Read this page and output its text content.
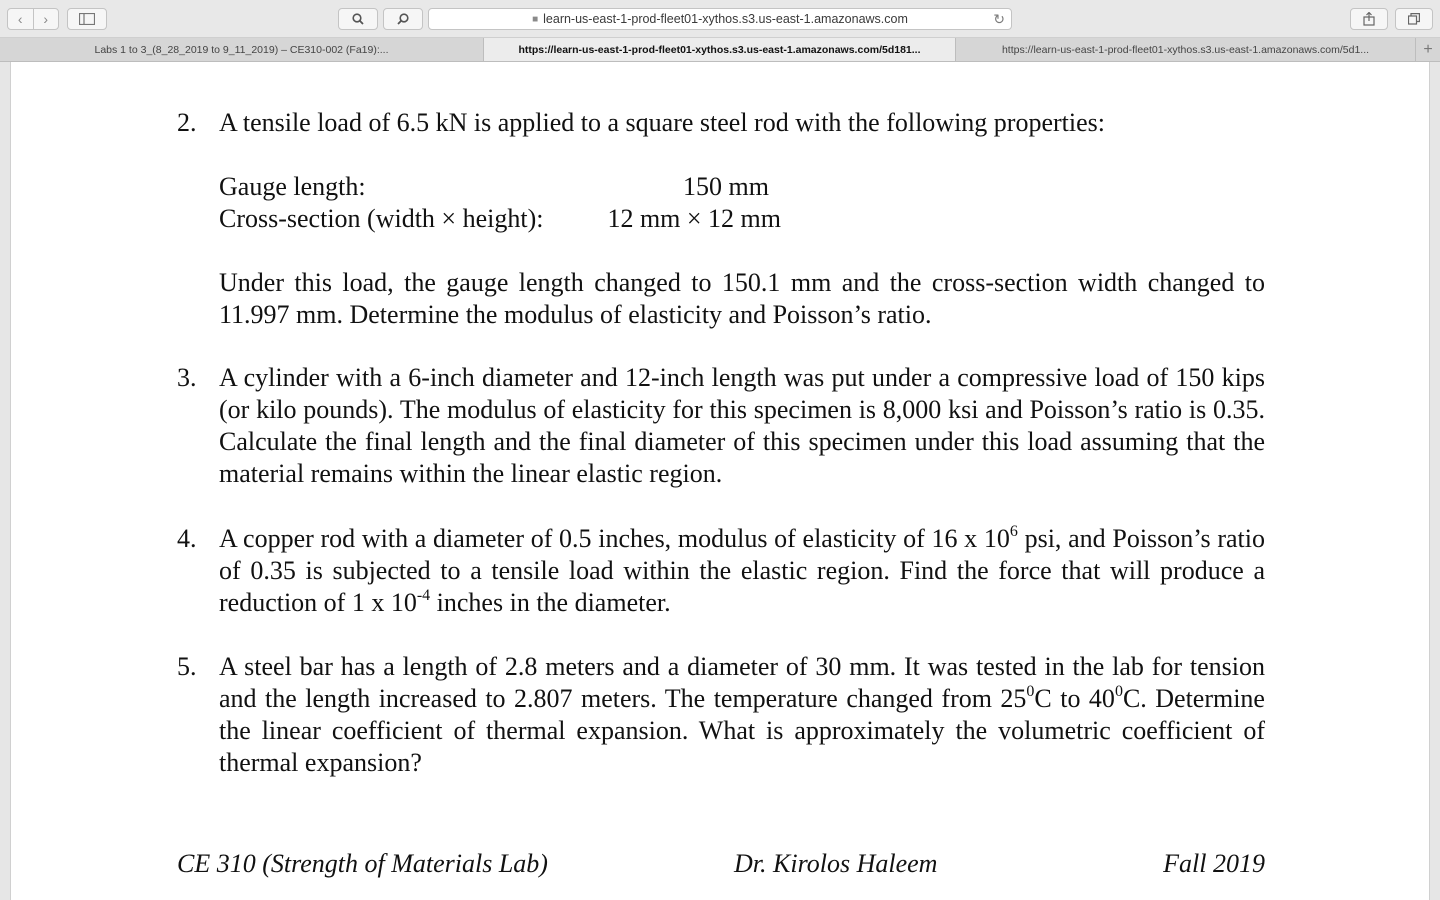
‹	›	■ learn-us-east-1-prod-fleet01-xythos.s3.us-east-1.amazonaws.com	↻
Labs 1 to 3_(8_28_2019 to 9_11_2019) – CE310-002 (Fa19):...	https://learn-us-east-1-prod-fleet01-xythos.s3.us-east-1.amazonaws.com/5d181...	https://learn-us-east-1-prod-fleet01-xythos.s3.us-east-1.amazonaws.com/5d1...	+
2. A tensile load of 6.5 kN is applied to a square steel rod with the following properties:
Gauge length:	150 mm
Cross-section (width × height):	12 mm × 12 mm
Under this load, the gauge length changed to 150.1 mm and the cross-section width changed to 11.997 mm. Determine the modulus of elasticity and Poisson’s ratio.
3. A cylinder with a 6-inch diameter and 12-inch length was put under a compressive load of 150 kips (or kilo pounds). The modulus of elasticity for this specimen is 8,000 ksi and Poisson’s ratio is 0.35. Calculate the final length and the final diameter of this specimen under this load assuming that the material remains within the linear elastic region.
4. A copper rod with a diameter of 0.5 inches, modulus of elasticity of 16 x $10^6$ psi, and Poisson’s ratio of 0.35 is subjected to a tensile load within the elastic region. Find the force that will produce a reduction of 1 x $10^{-4}$ inches in the diameter.
5. A steel bar has a length of 2.8 meters and a diameter of 30 mm. It was tested in the lab for tension and the length increased to 2.807 meters. The temperature changed from $25^0C$ to $40^0C$. Determine the linear coefficient of thermal expansion. What is approximately the volumetric coefficient of thermal expansion?
CE 310 (Strength of Materials Lab)	Dr. Kirolos Haleem	Fall 2019
